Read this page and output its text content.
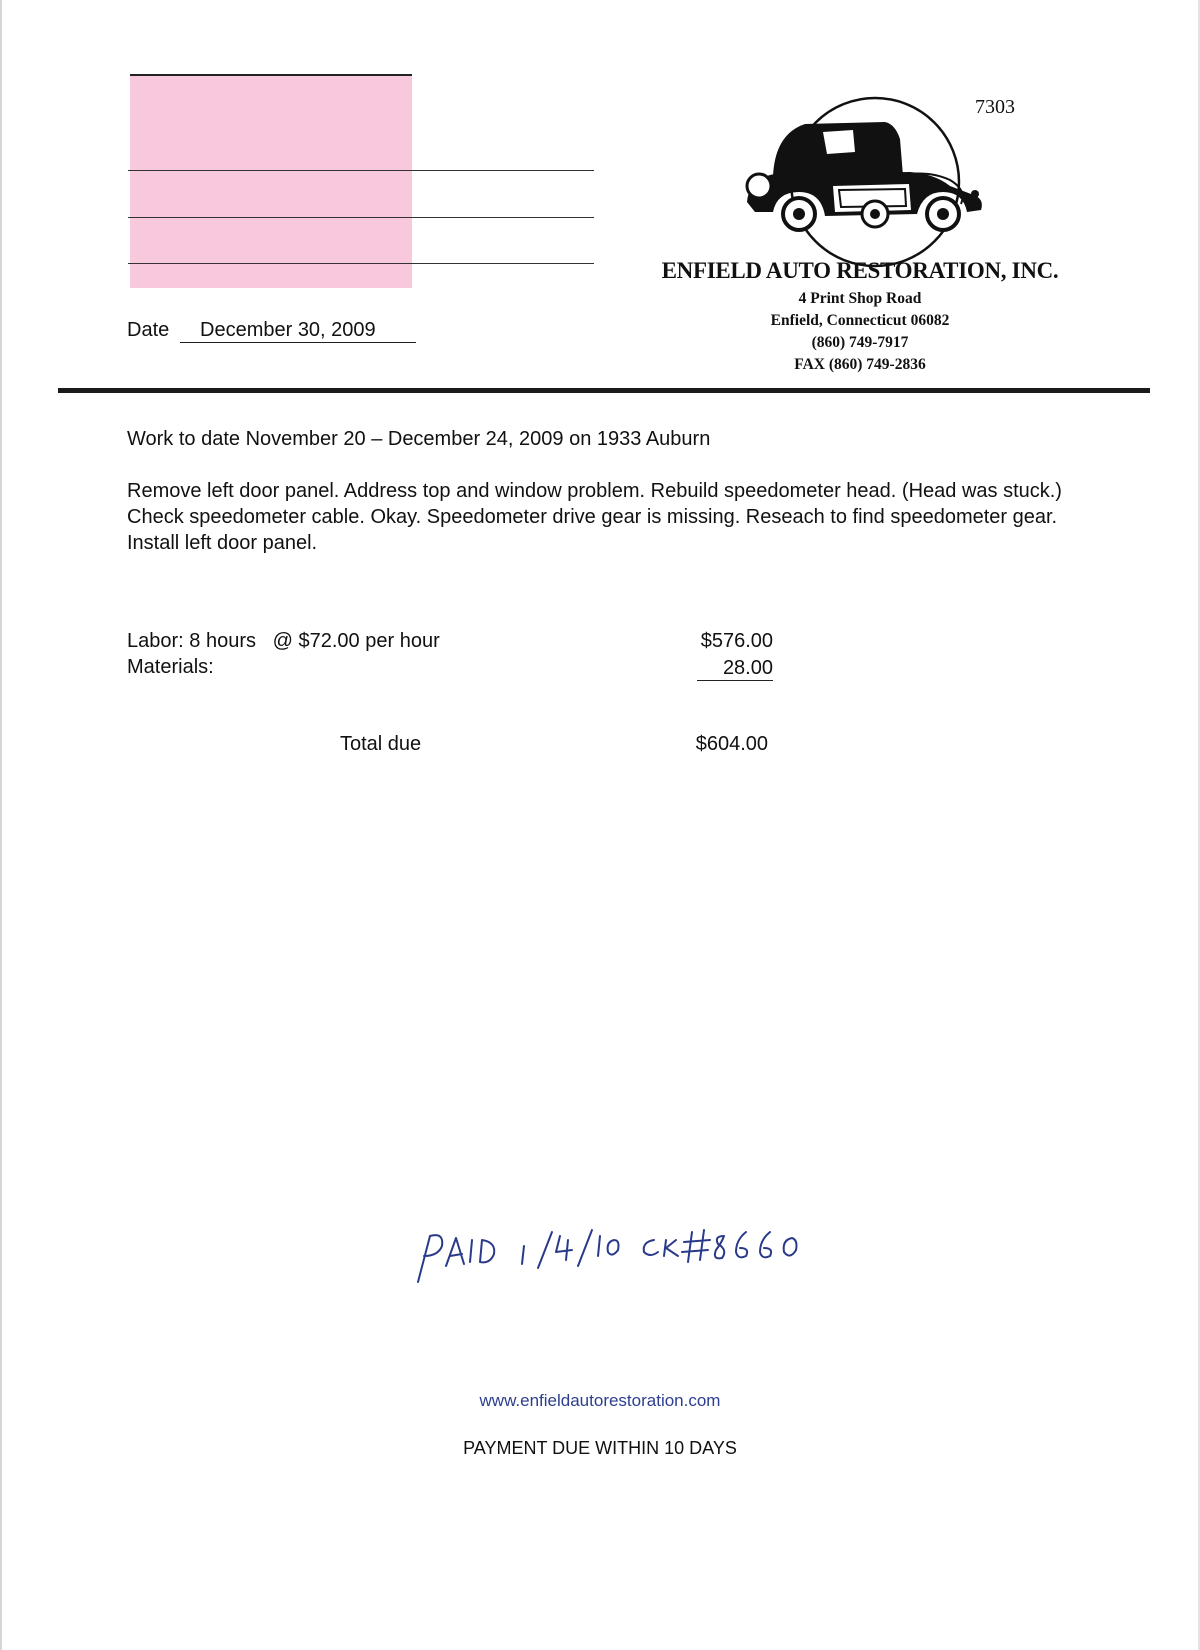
7303
ENFIELD AUTO RESTORATION, INC.
4 Print Shop Road
Enfield, Connecticut 06082
(860) 749-7917
FAX (860) 749-2836
Date	December 30, 2009
Work to date November 20 – December 24, 2009 on 1933 Auburn
Remove left door panel. Address top and window problem. Rebuild speedometer head. (Head was stuck.) Check speedometer cable. Okay. Speedometer drive gear is missing. Reseach to find speedometer gear. Install left door panel.
Labor: 8 hours   @ $72.00 per hour	$576.00
Materials:	28.00
Total due	$604.00
www.enfieldautorestoration.com
PAYMENT DUE WITHIN 10 DAYS
